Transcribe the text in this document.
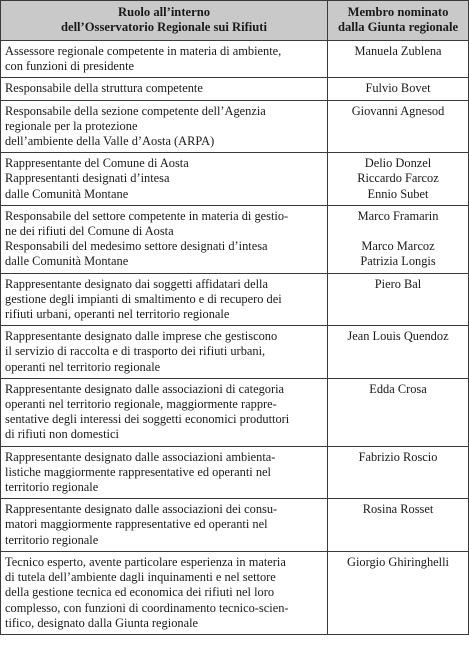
Ruolo all’interno
dell’Osservatorio Regionale sui Rifiuti	Membro nominato
dalla Giunta regionale

Assessore regionale competente in materia di ambiente,
con funzioni di presidente	Manuela Zublena

Responsabile della struttura competente	Fulvio Bovet

Responsabile della sezione competente dell’Agenzia
regionale per la protezione
dell’ambiente della Valle d’Aosta (ARPA)	Giovanni Agnesod

Rappresentante del Comune di Aosta
Rappresentanti designati d’intesa
dalle Comunità Montane	Delio Donzel
Riccardo Farcoz
Ennio Subet

Responsabile del settore competente in materia di gestio-
ne dei rifiuti del Comune di Aosta
Responsabili del medesimo settore designati d’intesa
dalle Comunità Montane	Marco Framarin
Marco Marcoz
Patrizia Longis

Rappresentante designato dai soggetti affidatari della
gestione degli impianti di smaltimento e di recupero dei
rifiuti urbani, operanti nel territorio regionale	Piero Bal

Rappresentante designato dalle imprese che gestiscono
il servizio di raccolta e di trasporto dei rifiuti urbani,
operanti nel territorio regionale	Jean Louis Quendoz

Rappresentante designato dalle associazioni di categoria
operanti nel territorio regionale, maggiormente rappre-
sentative degli interessi dei soggetti economici produttori
di rifiuti non domestici	Edda Crosa

Rappresentante designato dalle associazioni ambienta-
listiche maggiormente rappresentative ed operanti nel
territorio regionale	Fabrizio Roscio

Rappresentante designato dalle associazioni dei consu-
matori maggiormente rappresentative ed operanti nel
territorio regionale	Rosina Rosset

Tecnico esperto, avente particolare esperienza in materia
di tutela dell’ambiente dagli inquinamenti e nel settore
della gestione tecnica ed economica dei rifiuti nel loro
complesso, con funzioni di coordinamento tecnico-scien-
tifico, designato dalla Giunta regionale	Giorgio Ghiringhelli
